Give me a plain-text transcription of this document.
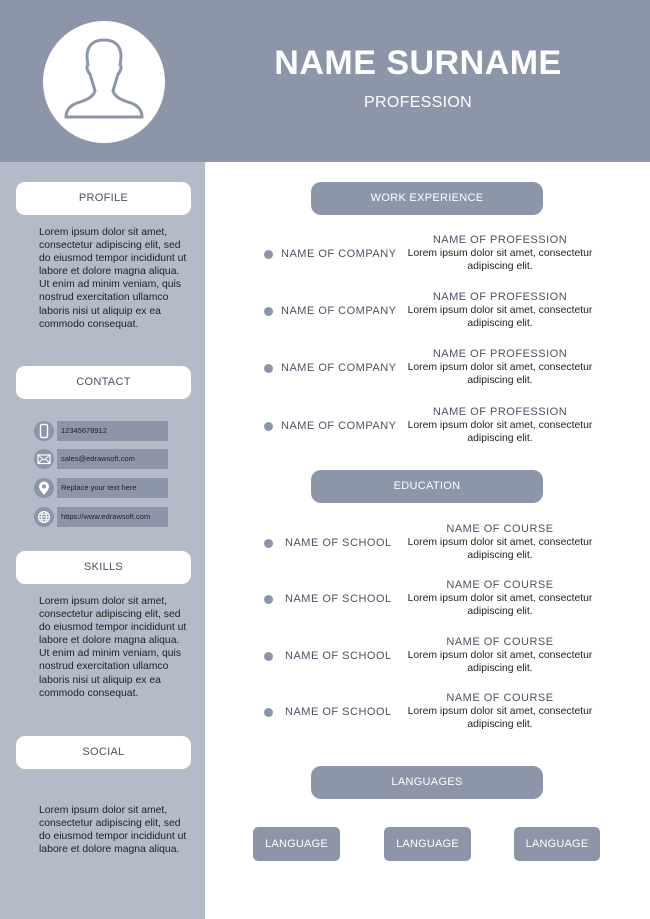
NAME SURNAME
PROFESSION
PROFILE
Lorem ipsum dolor sit amet, consectetur adipiscing elit, sed do eiusmod tempor incididunt ut labore et dolore magna aliqua. Ut enim ad minim veniam, quis nostrud exercitation ullamco laboris nisi ut aliquip ex ea commodo consequat.
CONTACT
12345678912
sales@edrawsoft.com
Replace your text here
https://www.edrawsoft.com
SKILLS
Lorem ipsum dolor sit amet, consectetur adipiscing elit, sed do eiusmod tempor incididunt ut labore et dolore magna aliqua. Ut enim ad minim veniam, quis nostrud exercitation ullamco laboris nisi ut aliquip ex ea commodo consequat.
SOCIAL
Lorem ipsum dolor sit amet, consectetur adipiscing elit, sed do eiusmod tempor incididunt ut labore et dolore magna aliqua.
WORK EXPERIENCE
NAME OF COMPANY
NAME OF PROFESSION
Lorem ipsum dolor sit amet, consectetur adipiscing elit.
NAME OF COMPANY
NAME OF PROFESSION
Lorem ipsum dolor sit amet, consectetur adipiscing elit.
NAME OF COMPANY
NAME OF PROFESSION
Lorem ipsum dolor sit amet, consectetur adipiscing elit.
NAME OF COMPANY
NAME OF PROFESSION
Lorem ipsum dolor sit amet, consectetur adipiscing elit.
EDUCATION
NAME OF SCHOOL
NAME OF COURSE
Lorem ipsum dolor sit amet, consectetur adipiscing elit.
NAME OF SCHOOL
NAME OF COURSE
Lorem ipsum dolor sit amet, consectetur adipiscing elit.
NAME OF SCHOOL
NAME OF COURSE
Lorem ipsum dolor sit amet, consectetur adipiscing elit.
NAME OF SCHOOL
NAME OF COURSE
Lorem ipsum dolor sit amet, consectetur adipiscing elit.
LANGUAGES
LANGUAGE	LANGUAGE	LANGUAGE
